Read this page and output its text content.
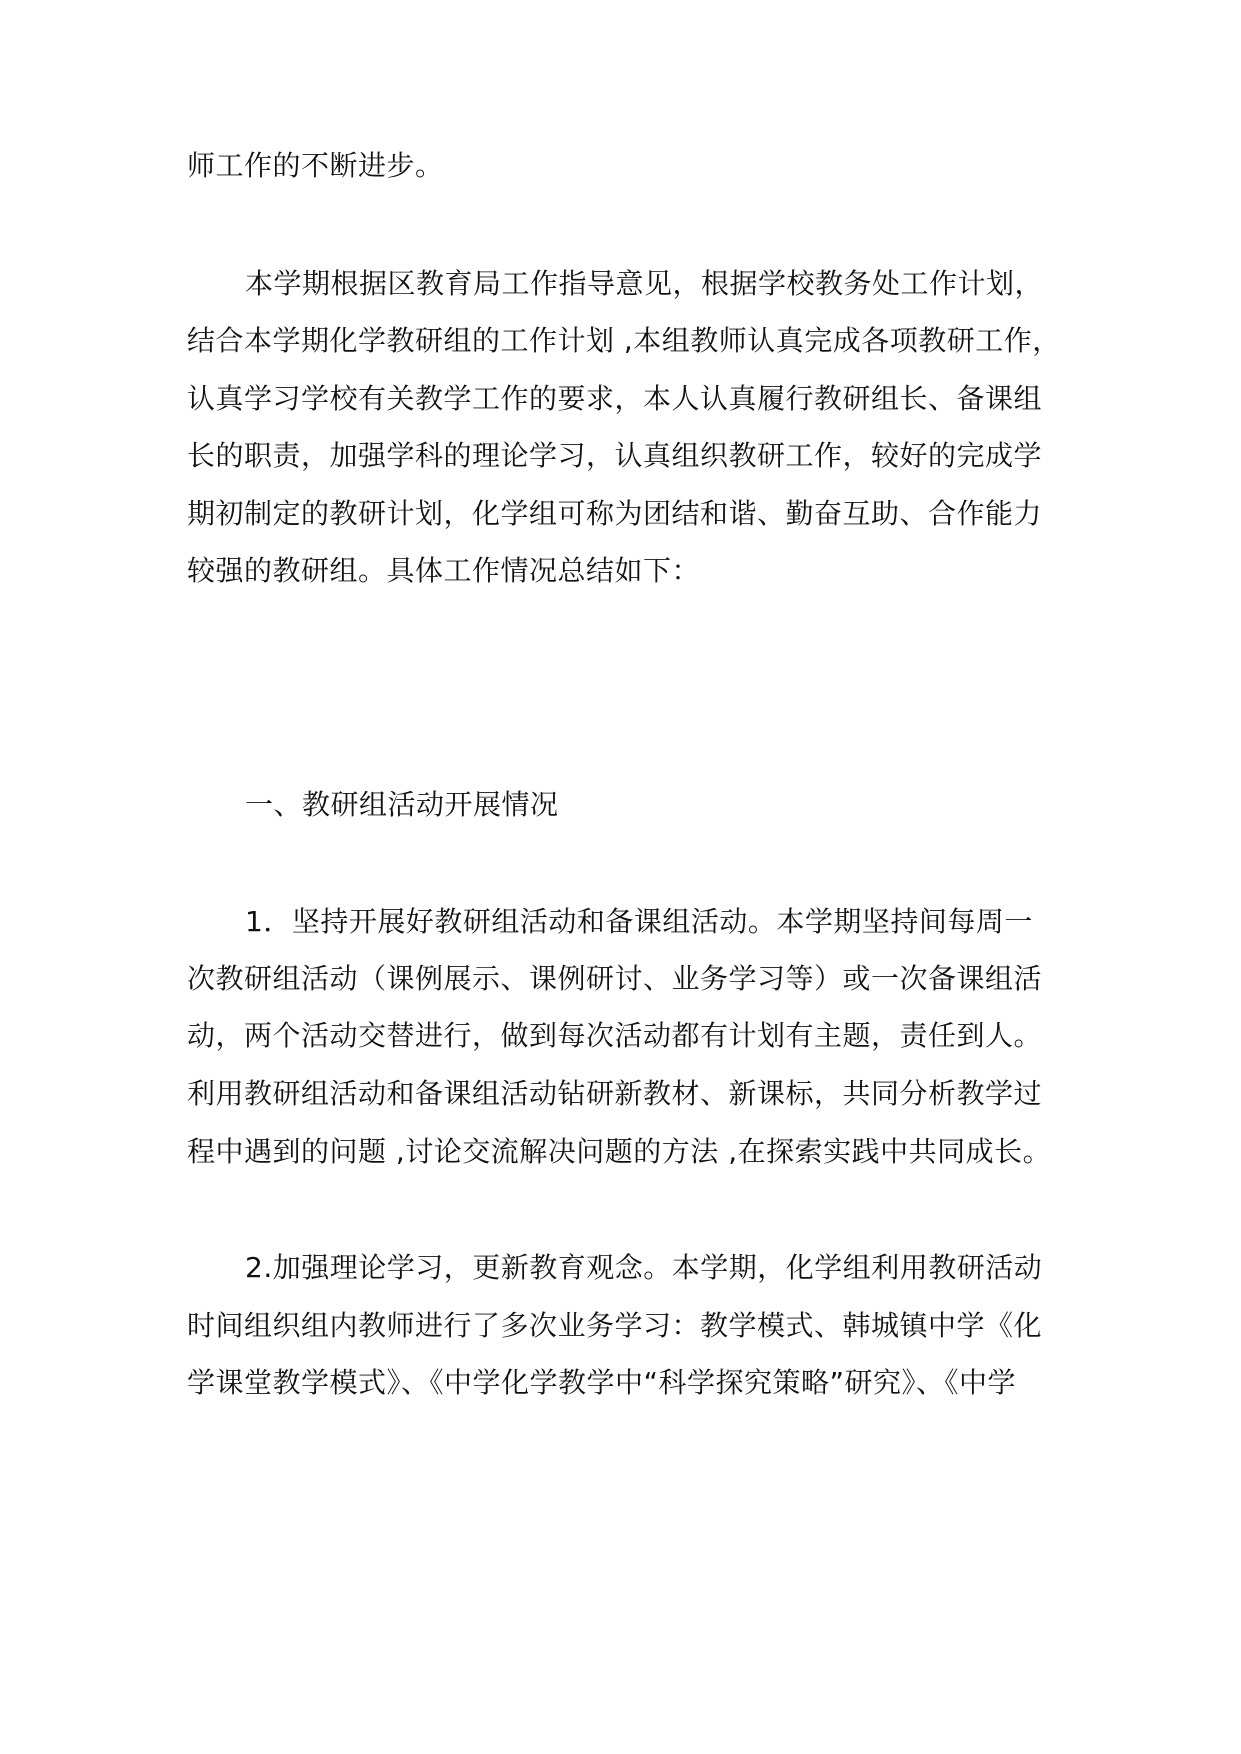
师工作的不断进步。
本学期根据区教育局工作指导意见，根据学校教务处工作计划，
结合本学期化学教研组的工作计划 ,本组教师认真完成各项教研工作，
认真学习学校有关教学工作的要求，本人认真履行教研组长、备课组
长的职责，加强学科的理论学习，认真组织教研工作，较好的完成学
期初制定的教研计划，化学组可称为团结和谐、勤奋互助、合作能力
较强的教研组。具体工作情况总结如下：
一、教研组活动开展情况
1．坚持开展好教研组活动和备课组活动。本学期坚持间每周一
次教研组活动（课例展示、课例研讨、业务学习等）或一次备课组活
动，两个活动交替进行，做到每次活动都有计划有主题，责任到人。
利用教研组活动和备课组活动钻研新教材、新课标，共同分析教学过
程中遇到的问题 ,讨论交流解决问题的方法 ,在探索实践中共同成长。
2.加强理论学习，更新教育观念。本学期，化学组利用教研活动
时间组织组内教师进行了多次业务学习：教学模式、韩城镇中学《化
学课堂教学模式》、《中学化学教学中“科学探究策略”研究》、《中学
